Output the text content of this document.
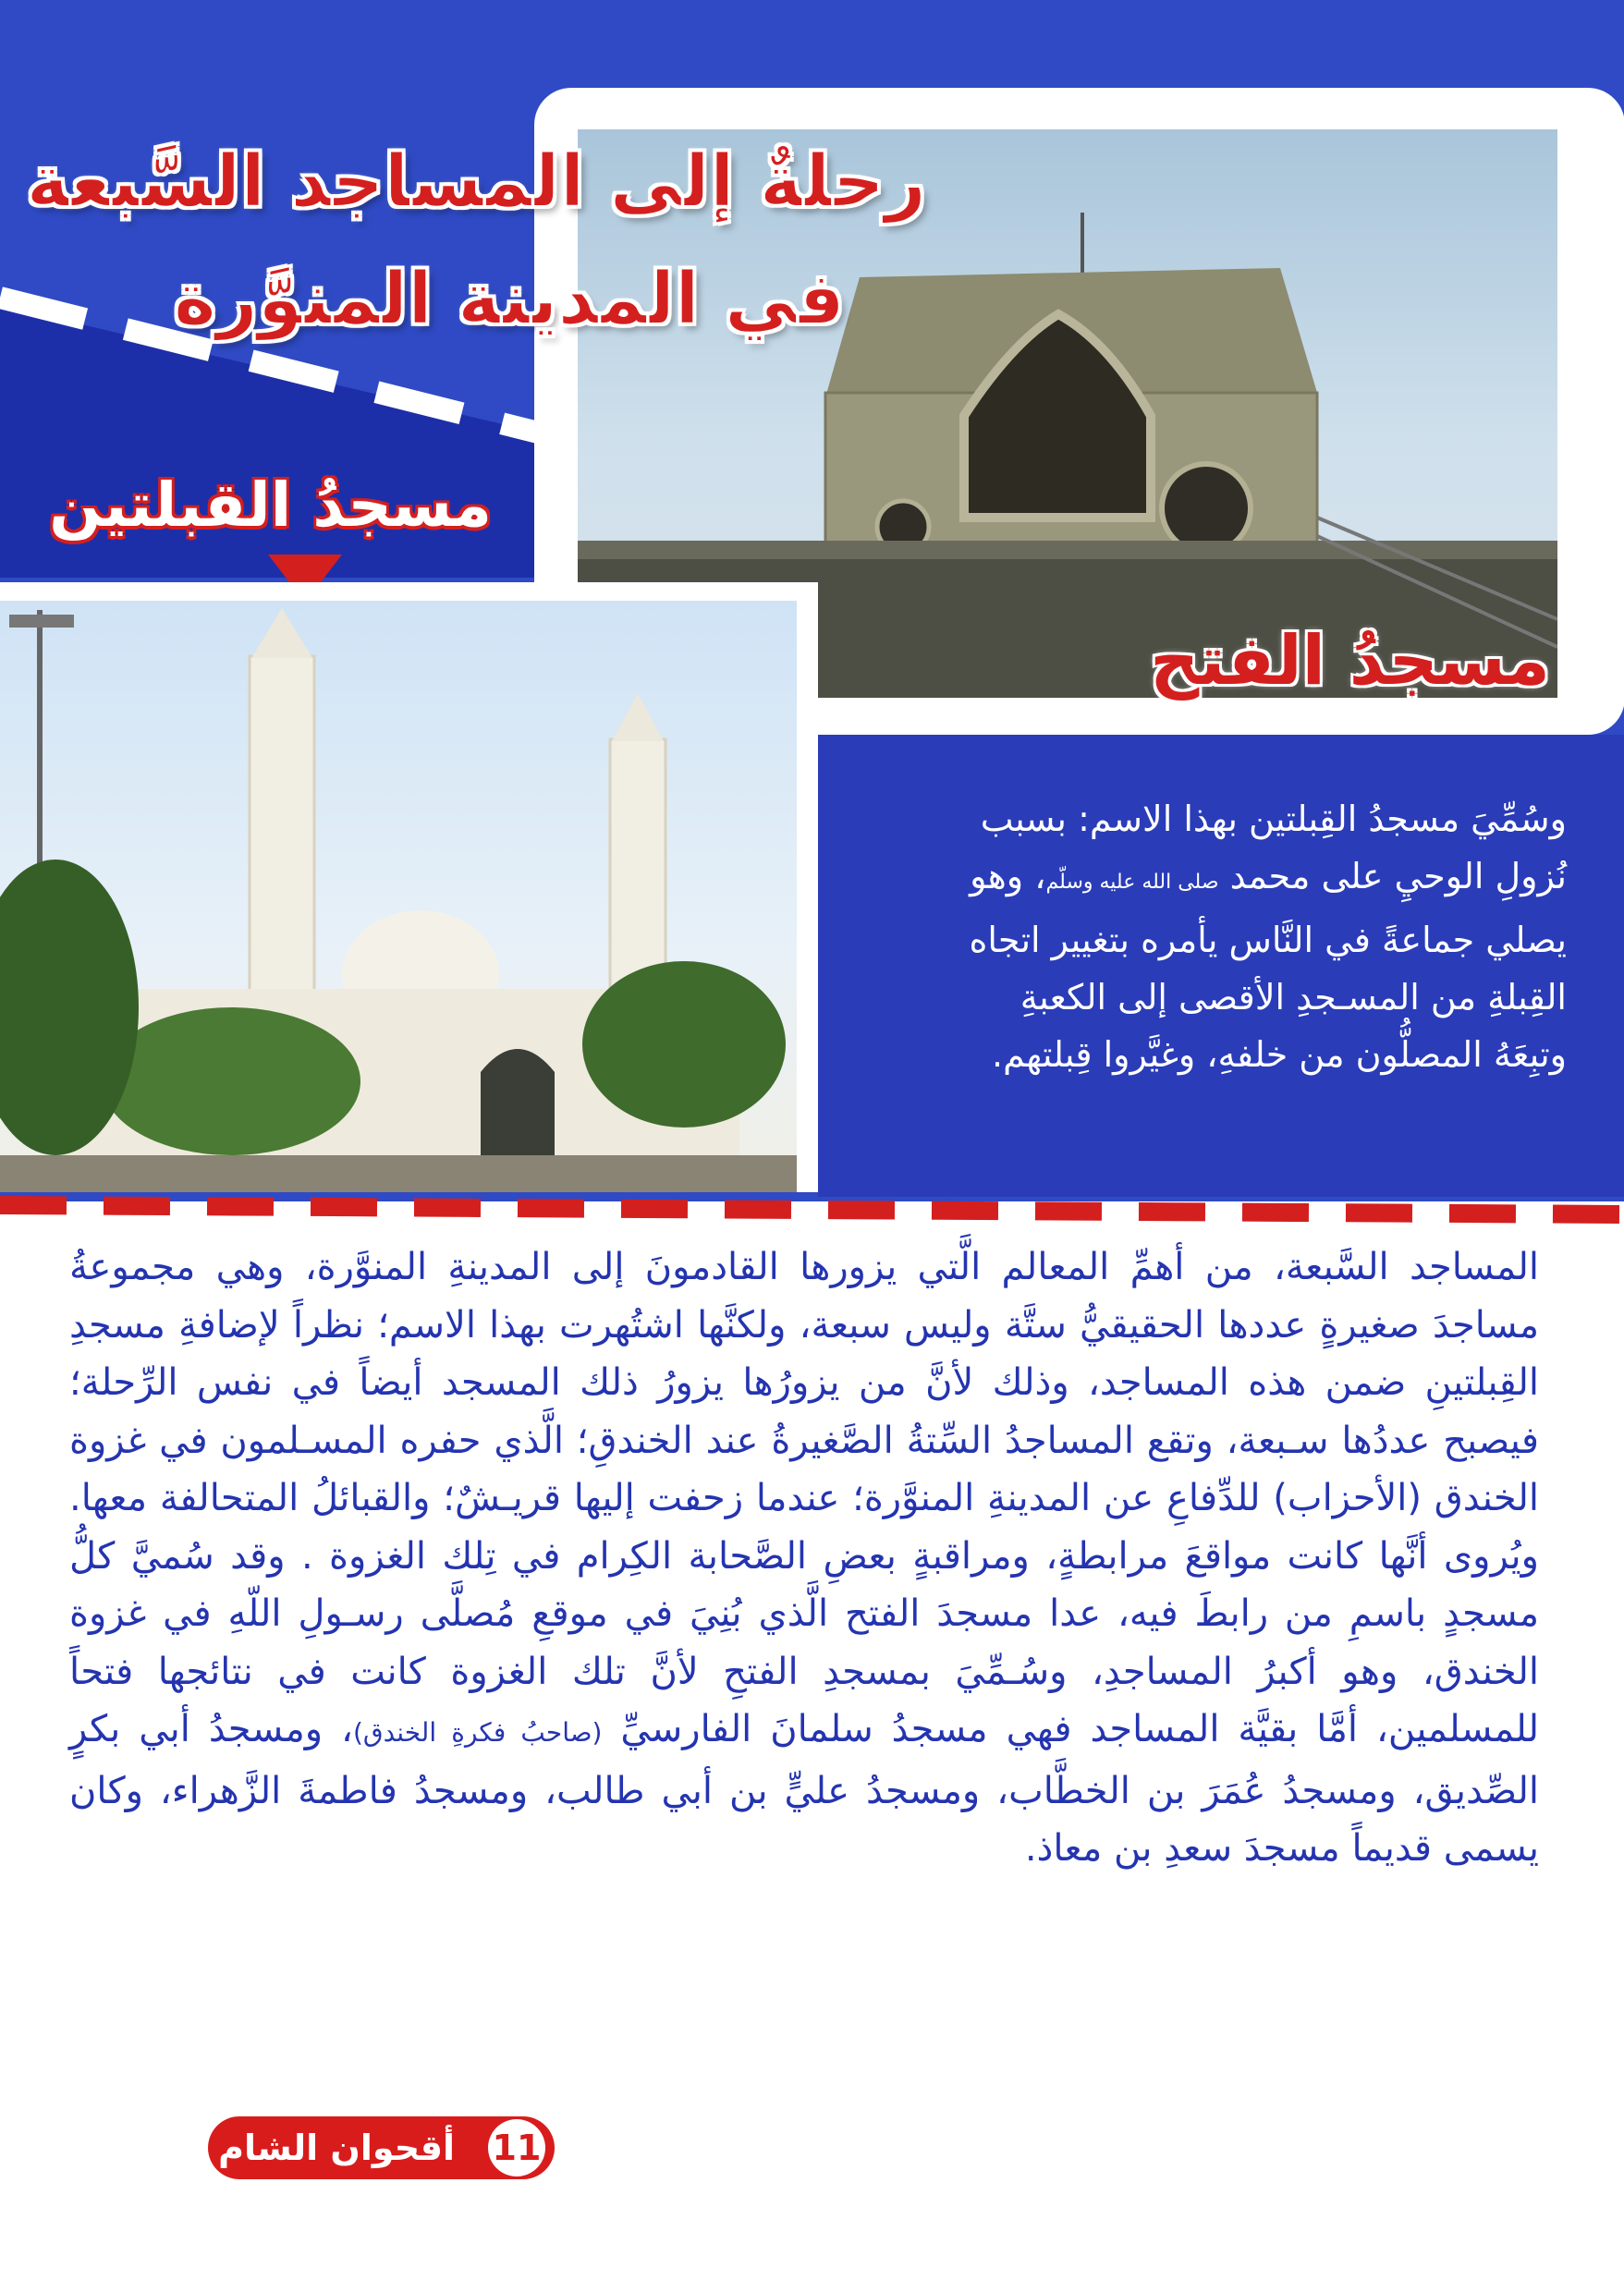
رحلةٌ إلى المساجد السَّبعة
في المدينة المنوَّرة
مسجدُ القبلتين
مسجدُ الفتح
وسُمِّيَ مسجدُ القِبلتين بهذا الاسم: بسبب
نُزولِ الوحيِ على محمد صلى الله عليه وسلّم، وهو
يصلي جماعةً في النَّاس يأمره بتغيير اتجاه
القِبلةِ من المسـجدِ الأقصى إلى الكعبةِ
وتبِعَهُ المصلُّون من خلفهِ، وغيَّروا قِبلتهم.
المساجد السَّبعة، من أهمِّ المعالم الَّتي يزورها القادمونَ إلى المدينةِ المنوَّرة، وهي مجموعةُ مساجدَ صغيرةٍ عددها الحقيقيُّ ستَّة وليس سبعة، ولكنَّها اشتُهرت بهذا الاسم؛ نظراً لإضافةِ مسجدِ القِبلتينِ ضمن هذه المساجد، وذلك لأنَّ من يزورُها يزورُ ذلك المسجد أيضاً في نفس الرِّحلة؛ فيصبح عددُها سـبعة، وتقع المساجدُ السِّتةُ الصَّغيرةُ عند الخندقِ؛ الَّذي حفره المسـلمون في غزوة الخندق (الأحزاب) للدِّفاعِ عن المدينةِ المنوَّرة؛ عندما زحفت إليها قريـشٌ؛ والقبائلُ المتحالفة معها. ويُروى أنَّها كانت مواقعَ مرابطةٍ، ومراقبةٍ بعضِ الصَّحابة الكِرام في تِلك الغزوة . وقد سُميَّ كلُّ مسجدٍ باسمِ من رابطَ فيه، عدا مسجدَ الفتح الَّذي بُنِيَ في موقعِ مُصلَّى رسـولِ اللّهِ في غزوة الخندق، وهو أكبرُ المساجدِ، وسُـمِّيَ بمسجدِ الفتحِ لأنَّ تلك الغزوة كانت في نتائجها فتحاً للمسلمين، أمَّا بقيَّة المساجد فهي مسجدُ سلمانَ الفارسيِّ (صاحبُ فكرةِ الخندق)، ومسجدُ أبي بكرٍ الصِّديق، ومسجدُ عُمَرَ بن الخطَّاب، ومسجدُ عليٍّ بن أبي طالب، ومسجدُ فاطمةَ الزَّهراء، وكان يسمى قديماً مسجدَ سعدِ بن معاذ.
11
أقحوان الشام
